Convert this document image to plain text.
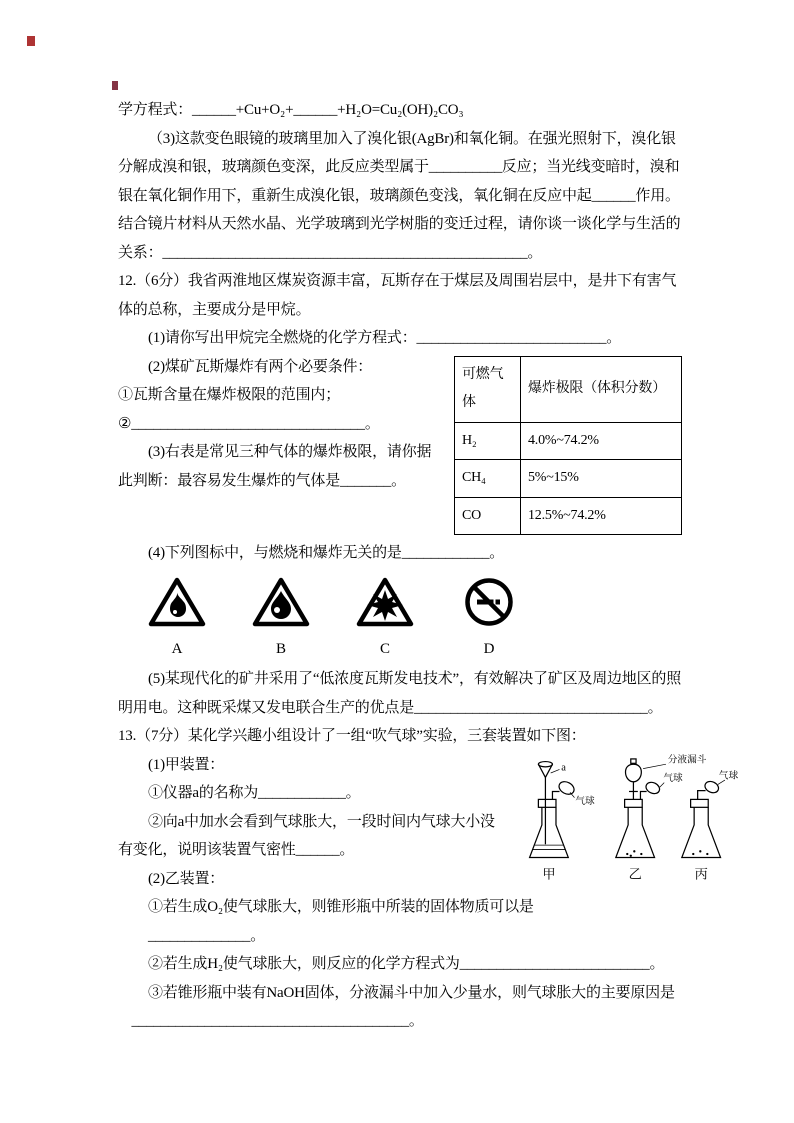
学方程式：______+Cu+O₂+______+H₂O=Cu₂(OH)₂CO₃

（3)这款变色眼镜的玻璃里加入了溴化银(AgBr)和氧化铜。在强光照射下，溴化银分解成溴和银，玻璃颜色变深，此反应类型属于__________反应；当光线变暗时，溴和银在氧化铜作用下，重新生成溴化银，玻璃颜色变浅，氧化铜在反应中起______作用。

结合镜片材料从天然水晶、光学玻璃到光学树脂的变迁过程，请你谈一谈化学与生活的关系：__________________________________________________。

12.（6分）我省两淮地区煤炭资源丰富，瓦斯存在于煤层及周围岩层中，是井下有害气体的总称，主要成分是甲烷。

(1)请你写出甲烷完全燃烧的化学方程式：__________________________。

可燃气体	爆炸极限（体积分数）
H₂	4.0%~74.2%
CH₄	5%~15%
CO	12.5%~74.2%

(2)煤矿瓦斯爆炸有两个必要条件：

①瓦斯含量在爆炸极限的范围内；

②________________________________。

(3)右表是常见三种气体的爆炸极限，请你据此判断：最容易发生爆炸的气体是_______。

(4)下列图标中，与燃烧和爆炸无关的是____________。

A	B	C	D

(5)某现代化的矿井采用了“低浓度瓦斯发电技术”，有效解决了矿区及周边地区的照明用电。这种既采煤又发电联合生产的优点是________________________________。

13.（7分）某化学兴趣小组设计了一组“吹气球”实验，三套装置如下图：

a
气球
分液漏斗
气球	气球
甲	乙	丙

(1)甲装置：

①仪器a的名称为____________。

②向a中加水会看到气球胀大，一段时间内气球大小没有变化，说明该装置气密性______。

(2)乙装置：

①若生成O₂使气球胀大，则锥形瓶中所装的固体物质可以是

______________。

②若生成H₂使气球胀大，则反应的化学方程式为__________________________。

③若锥形瓶中装有NaOH固体，分液漏斗中加入少量水，则气球胀大的主要原因是

______________________________________。
